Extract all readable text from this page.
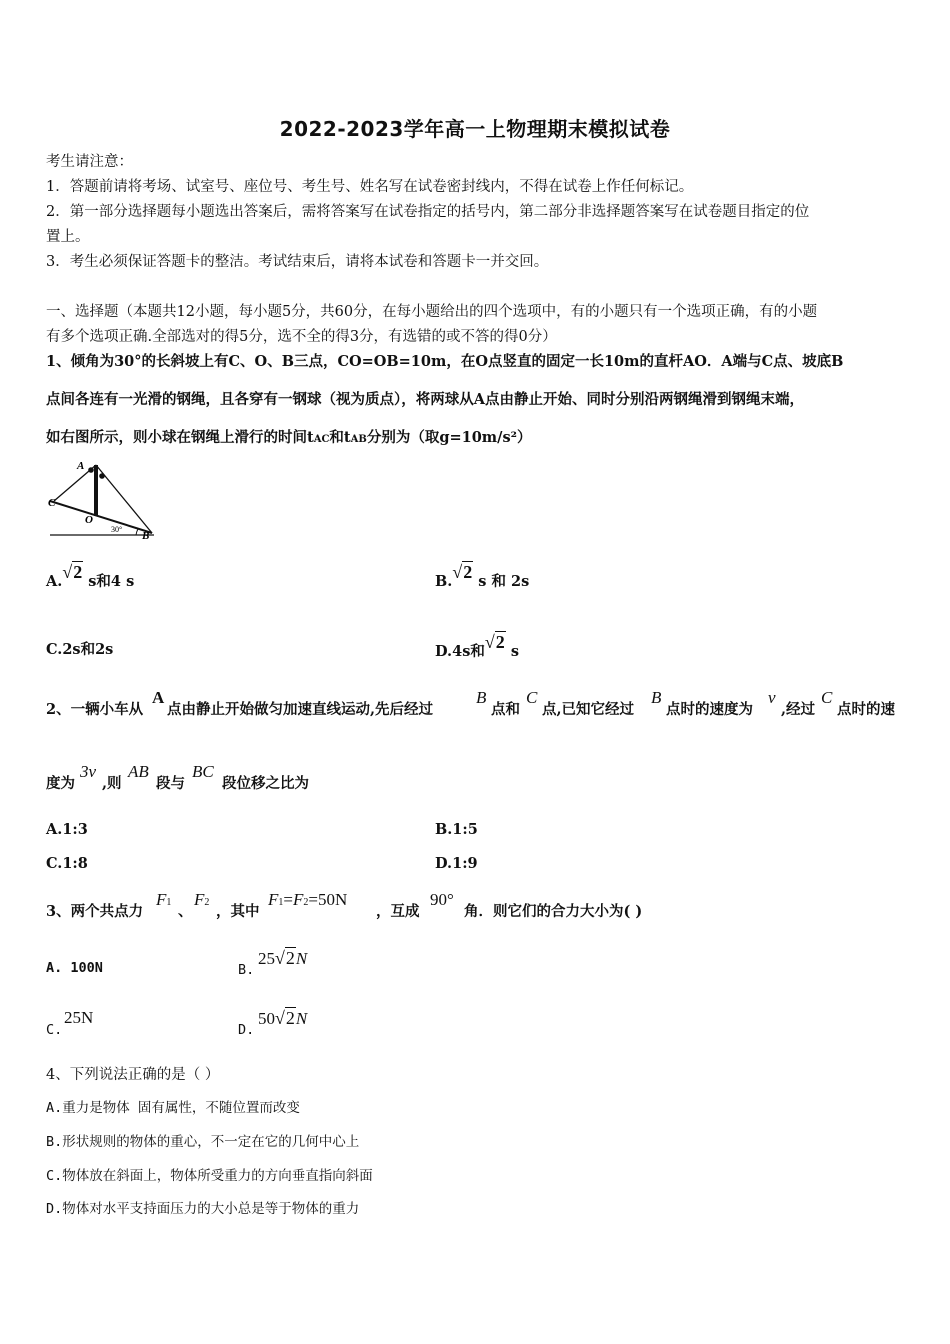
2022-2023学年高一上物理期末模拟试卷
考生请注意：
1．答题前请将考场、试室号、座位号、考生号、姓名写在试卷密封线内，不得在试卷上作任何标记。
2．第一部分选择题每小题选出答案后，需将答案写在试卷指定的括号内，第二部分非选择题答案写在试卷题目指定的位
置上。
3．考生必须保证答题卡的整洁。考试结束后，请将本试卷和答题卡一并交回。
一、选择题（本题共12小题，每小题5分，共60分，在每小题给出的四个选项中，有的小题只有一个选项正确，有的小题
有多个选项正确.全部选对的得5分，选不全的得3分，有选错的或不答的得0分）
1、倾角为30°的长斜坡上有C、O、B三点，CO=OB=10m，在O点竖直的固定一长10m的直杆AO．A端与C点、坡底B
点间各连有一光滑的钢绳，且各穿有一钢球（视为质点），将两球从A点由静止开始、同时分别沿两钢绳滑到钢绳末端，
如右图所示，则小球在钢绳上滑行的时间tAC和tAB分别为（取g=10m/s²）
A
C
O
B
30°
A.√2 s和4 s	B.√2 s 和 2s
C.2s和2s	D.4s和√2 s
2、一辆小车从
A
点由静止开始做匀加速直线运动,先后经过
B
点和
C
点,已知它经过
B
点时的速度为
v
,经过
C
点时的速
度为
3v
,则
AB
段与
BC
段位移之比为
A.1:3	B.1:5
C.1:8	D.1:9
3、两个共点力
F1
、
F2
，其中
F1=F2=50N
，互成
90°
角．则它们的合力大小为( )
A. 100N	B.
25√2N
C.
25N
D.
50√2N
4、下列说法正确的是（ ）
A.重力是物体 固有属性，不随位置而改变
B.形状规则的物体的重心，不一定在它的几何中心上
C.物体放在斜面上，物体所受重力的方向垂直指向斜面
D.物体对水平支持面压力的大小总是等于物体的重力
